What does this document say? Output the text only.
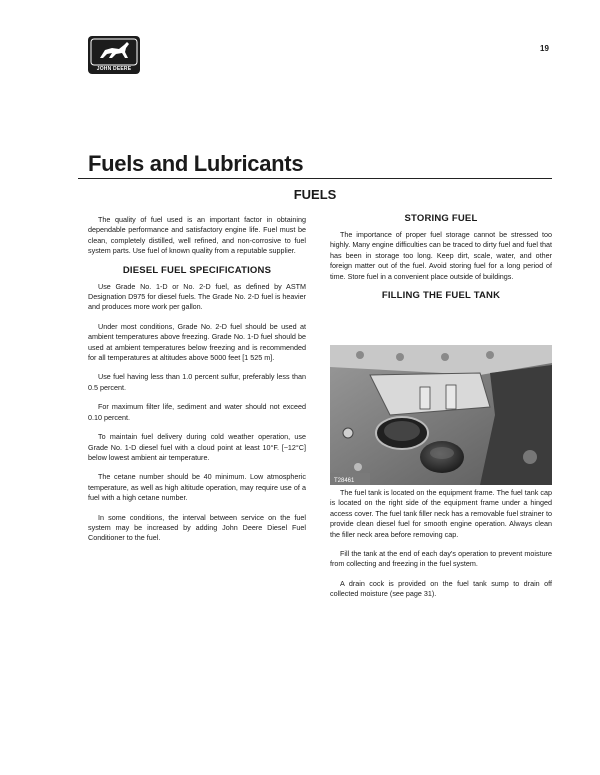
JOHN DEERE
19
Fuels and Lubricants
FUELS

The quality of fuel used is an important factor in obtaining dependable performance and satisfactory engine life. Fuel must be clean, completely distilled, well refined, and non-corrosive to fuel system parts. Use fuel of known quality from a reputable supplier.

DIESEL FUEL SPECIFICATIONS

Use Grade No. 1-D or No. 2-D fuel, as defined by ASTM Designation D975 for diesel fuels. The Grade No. 2-D fuel is heavier and produces more work per gallon.

Under most conditions, Grade No. 2-D fuel should be used at ambient temperatures above freezing. Grade No. 1-D fuel should be used at ambient temperatures below freezing and is recommended for all temperatures at altitudes above 5000 feet [1 525 m].

Use fuel having less than 1.0 percent sulfur, preferably less than 0.5 percent.

For maximum filter life, sediment and water should not exceed 0.10 percent.

To maintain fuel delivery during cold weather operation, use Grade No. 1-D diesel fuel with a cloud point at least 10°F. [−12°C] below lowest ambient air temperature.

The cetane number should be 40 minimum. Low atmospheric temperature, as well as high altitude operation, may require use of a fuel with a high cetane number.

In some conditions, the interval between service on the fuel system may be increased by adding John Deere Diesel Fuel Conditioner to the fuel.

STORING FUEL

The importance of proper fuel storage cannot be stressed too highly. Many engine difficulties can be traced to dirty fuel and fuel that has been in storage too long. Keep dirt, scale, water, and other foreign matter out of the fuel. Avoid storing fuel for a long period of time. Store fuel in a convenient place outside of buildings.

FILLING THE FUEL TANK
T28461

The fuel tank is located on the equipment frame. The fuel tank cap is located on the right side of the equipment frame under a hinged access cover. The fuel tank filler neck has a removable fuel strainer to provide clean diesel fuel for smooth engine operation. Always clean the filler neck area before removing cap.

Fill the tank at the end of each day's operation to prevent moisture from collecting and freezing in the fuel system.

A drain cock is provided on the fuel tank sump to drain off collected moisture (see page 31).
